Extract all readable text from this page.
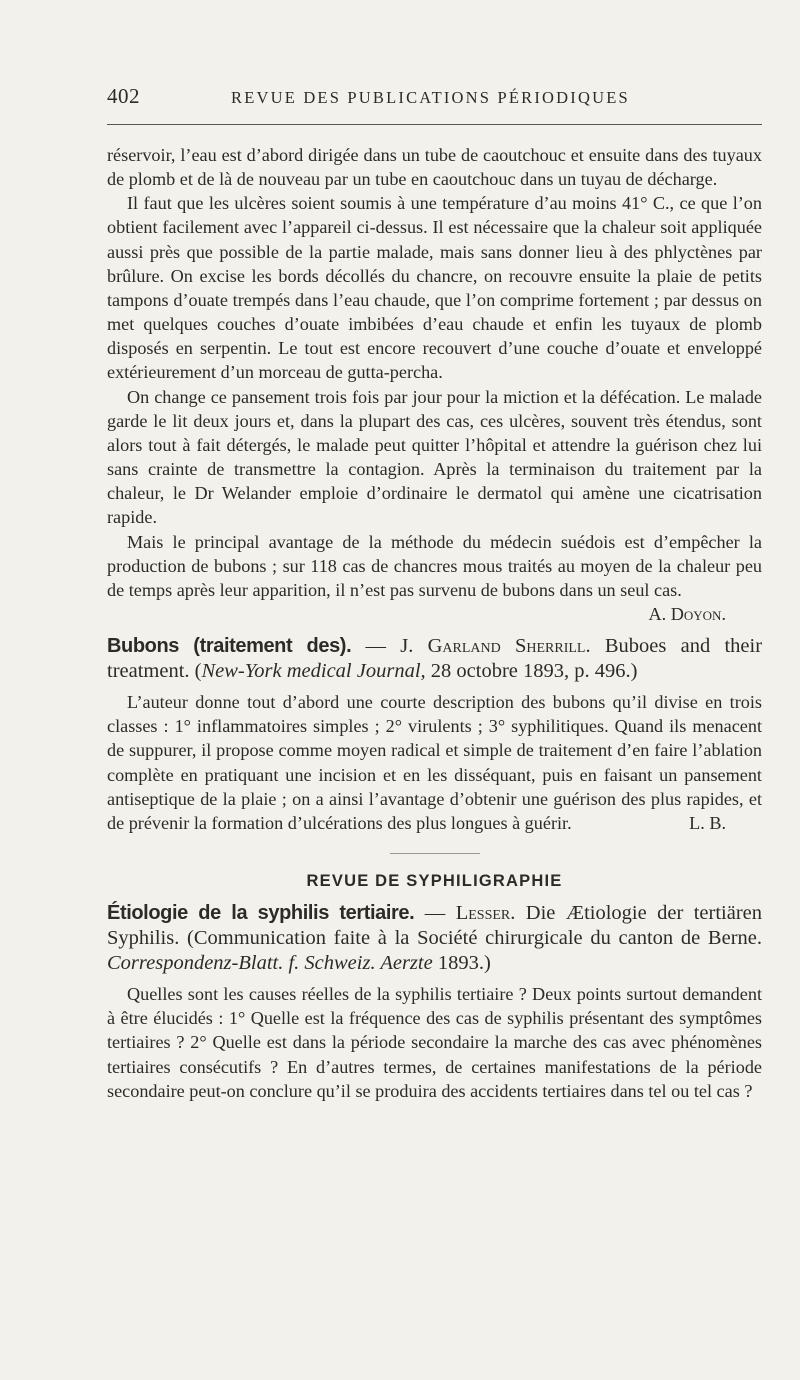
402	REVUE DES PUBLICATIONS PÉRIODIQUES

réservoir, l’eau est d’abord dirigée dans un tube de caoutchouc et ensuite dans des tuyaux de plomb et de là de nouveau par un tube en caoutchouc dans un tuyau de décharge.

Il faut que les ulcères soient soumis à une température d’au moins 41° C., ce que l’on obtient facilement avec l’appareil ci-dessus. Il est nécessaire que la chaleur soit appliquée aussi près que possible de la partie malade, mais sans donner lieu à des phlyctènes par brûlure. On excise les bords décollés du chancre, on recouvre ensuite la plaie de petits tampons d’ouate trempés dans l’eau chaude, que l’on comprime fortement ; par dessus on met quelques couches d’ouate imbibées d’eau chaude et enfin les tuyaux de plomb disposés en serpentin. Le tout est encore recouvert d’une couche d’ouate et enveloppé extérieurement d’un morceau de gutta-percha.

On change ce pansement trois fois par jour pour la miction et la défécation. Le malade garde le lit deux jours et, dans la plupart des cas, ces ulcères, souvent très étendus, sont alors tout à fait détergés, le malade peut quitter l’hôpital et attendre la guérison chez lui sans crainte de transmettre la contagion. Après la terminaison du traitement par la chaleur, le Dr Welander emploie d’ordinaire le dermatol qui amène une cicatrisation rapide.

Mais le principal avantage de la méthode du médecin suédois est d’empêcher la production de bubons ; sur 118 cas de chancres mous traités au moyen de la chaleur peu de temps après leur apparition, il n’est pas survenu de bubons dans un seul cas.
A. Doyon.

Bubons (traitement des). — J. Garland Sherrill. Buboes and their treatment. (New-York medical Journal, 28 octobre 1893, p. 496.)

L’auteur donne tout d’abord une courte description des bubons qu’il divise en trois classes : 1° inflammatoires simples ; 2° virulents ; 3° syphilitiques. Quand ils menacent de suppurer, il propose comme moyen radical et simple de traitement d’en faire l’ablation complète en pratiquant une incision et en les disséquant, puis en faisant un pansement antiseptique de la plaie ; on a ainsi l’avantage d’obtenir une guérison des plus rapides, et de prévenir la formation d’ulcérations des plus longues à guérir.	L. B.

REVUE DE SYPHILIGRAPHIE
Étiologie de la syphilis tertiaire. — Lesser. Die Ætiologie der tertiären Syphilis. (Communication faite à la Société chirurgicale du canton de Berne. Correspondenz-Blatt. f. Schweiz. Aerzte 1893.)

Quelles sont les causes réelles de la syphilis tertiaire ? Deux points surtout demandent à être élucidés : 1° Quelle est la fréquence des cas de syphilis présentant des symptômes tertiaires ? 2° Quelle est dans la période secondaire la marche des cas avec phénomènes tertiaires consécutifs ? En d’autres termes, de certaines manifestations de la période secondaire peut-on conclure qu’il se produira des accidents tertiaires dans tel ou tel cas ?
